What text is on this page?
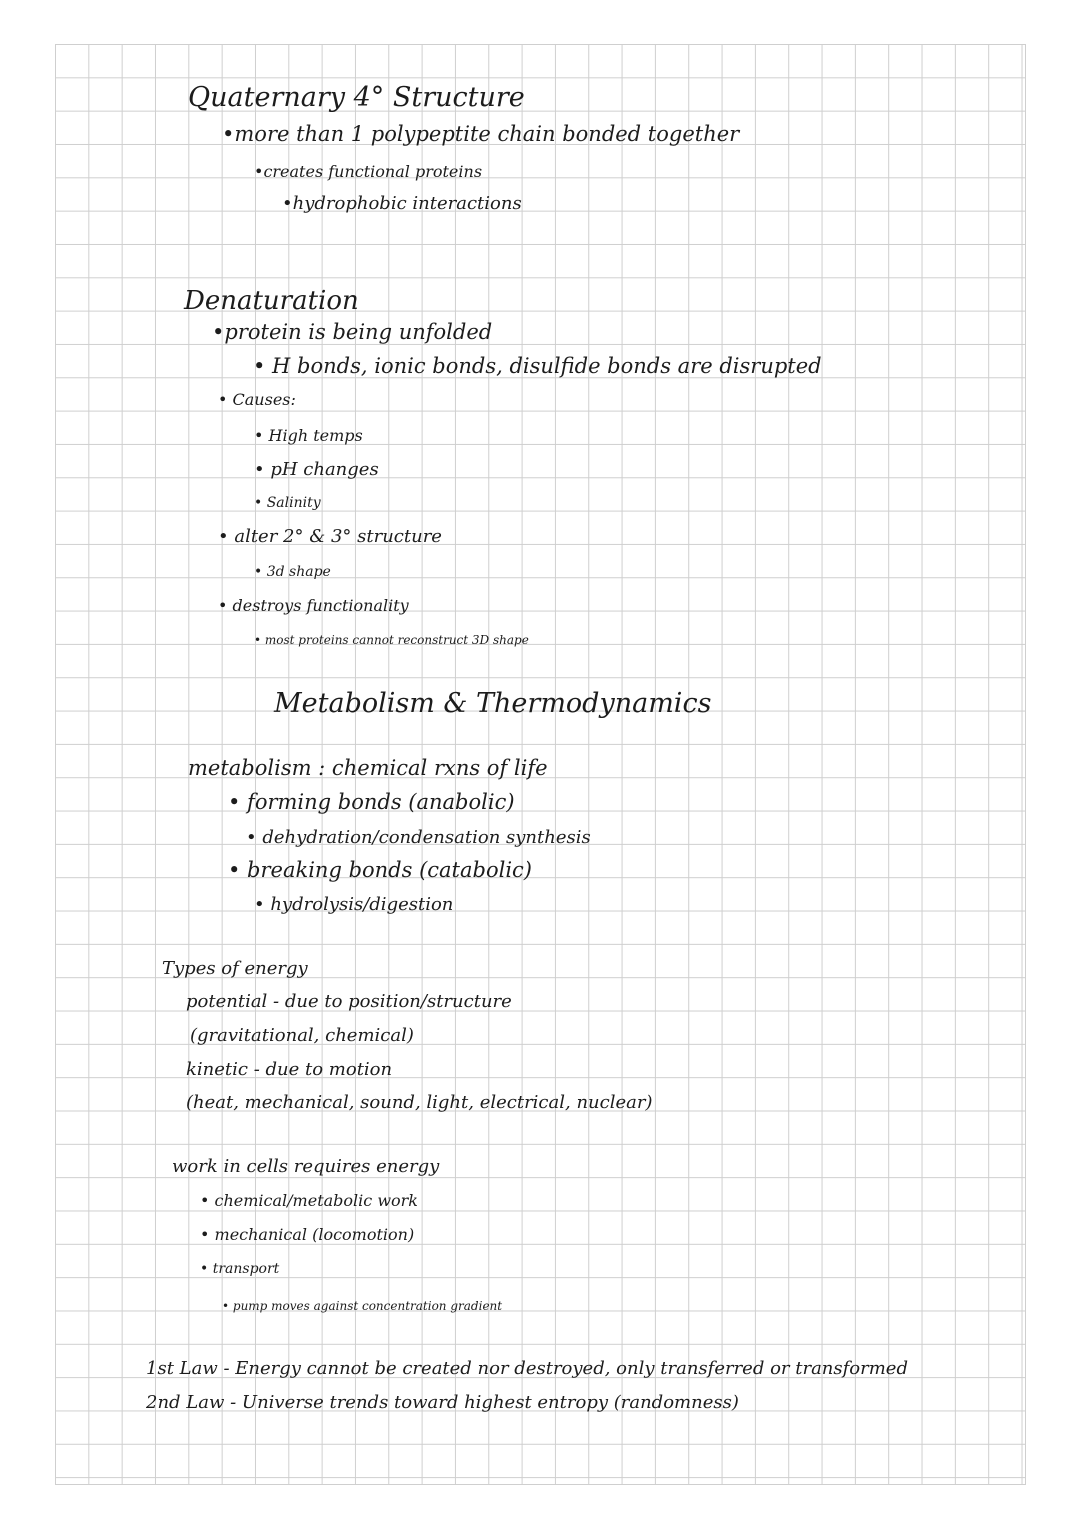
Quaternary 4° Structure
•more than 1 polypeptite chain bonded together
•creates functional proteins
•hydrophobic interactions
Denaturation
•protein is being unfolded
• H bonds, ionic bonds, disulfide bonds are disrupted
• Causes:
• High temps
• pH changes
• Salinity
• alter 2° & 3° structure
• 3d shape
• destroys functionality
• most proteins cannot reconstruct 3D shape
Metabolism & Thermodynamics
metabolism : chemical rxns of life
• forming bonds (anabolic)
• dehydration/condensation synthesis
• breaking bonds (catabolic)
• hydrolysis/digestion
Types of energy
potential - due to position/structure
(gravitational, chemical)
kinetic - due to motion
(heat, mechanical, sound, light, electrical, nuclear)
work in cells requires energy
• chemical/metabolic work
• mechanical (locomotion)
• transport
• pump moves against concentration gradient
1st Law - Energy cannot be created nor destroyed, only transferred or transformed
2nd Law - Universe trends toward highest entropy (randomness)
